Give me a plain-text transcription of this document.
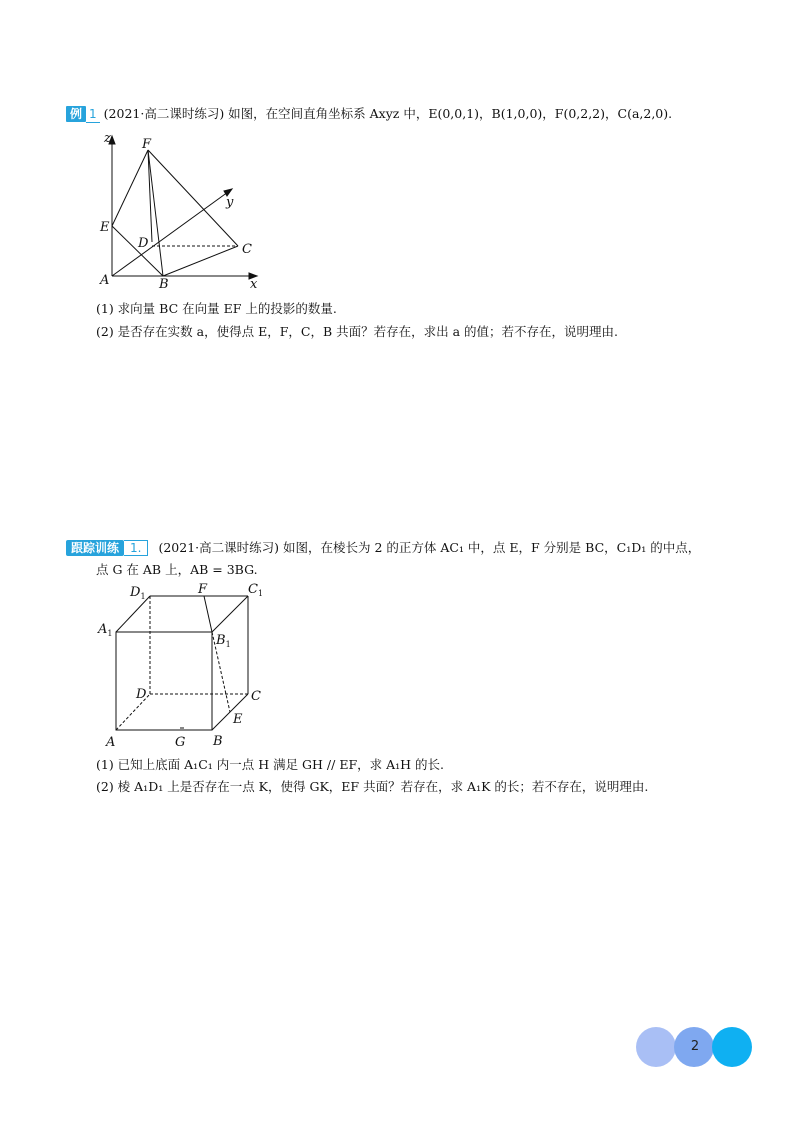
例 1 (2021·高二课时练习) 如图，在空间直角坐标系 Axyz 中，E(0,0,1)，B(1,0,0)，F(0,2,2)，C(a,2,0).
z F
y
E
D	C
A	B	x
(1) 求向量 BC 在向量 EF 上的投影的数量.
(2) 是否存在实数 a，使得点 E，F，C，B 共面？若存在，求出 a 的值；若不存在，说明理由.
跟踪训练 1. (2021·高二课时练习) 如图，在棱长为 2 的正方体 AC₁ 中，点 E，F 分别是 BC，C₁D₁ 的中点，
点 G 在 AB 上，AB = 3BG.
$D_1$	F	$C_1$
$A_1$	$B_1$
D	C
E
A	G B
(1) 已知上底面 A₁C₁ 内一点 H 满足 GH // EF，求 A₁H 的长.
(2) 棱 A₁D₁ 上是否存在一点 K，使得 GK，EF 共面？若存在，求 A₁K 的长；若不存在，说明理由.
2
